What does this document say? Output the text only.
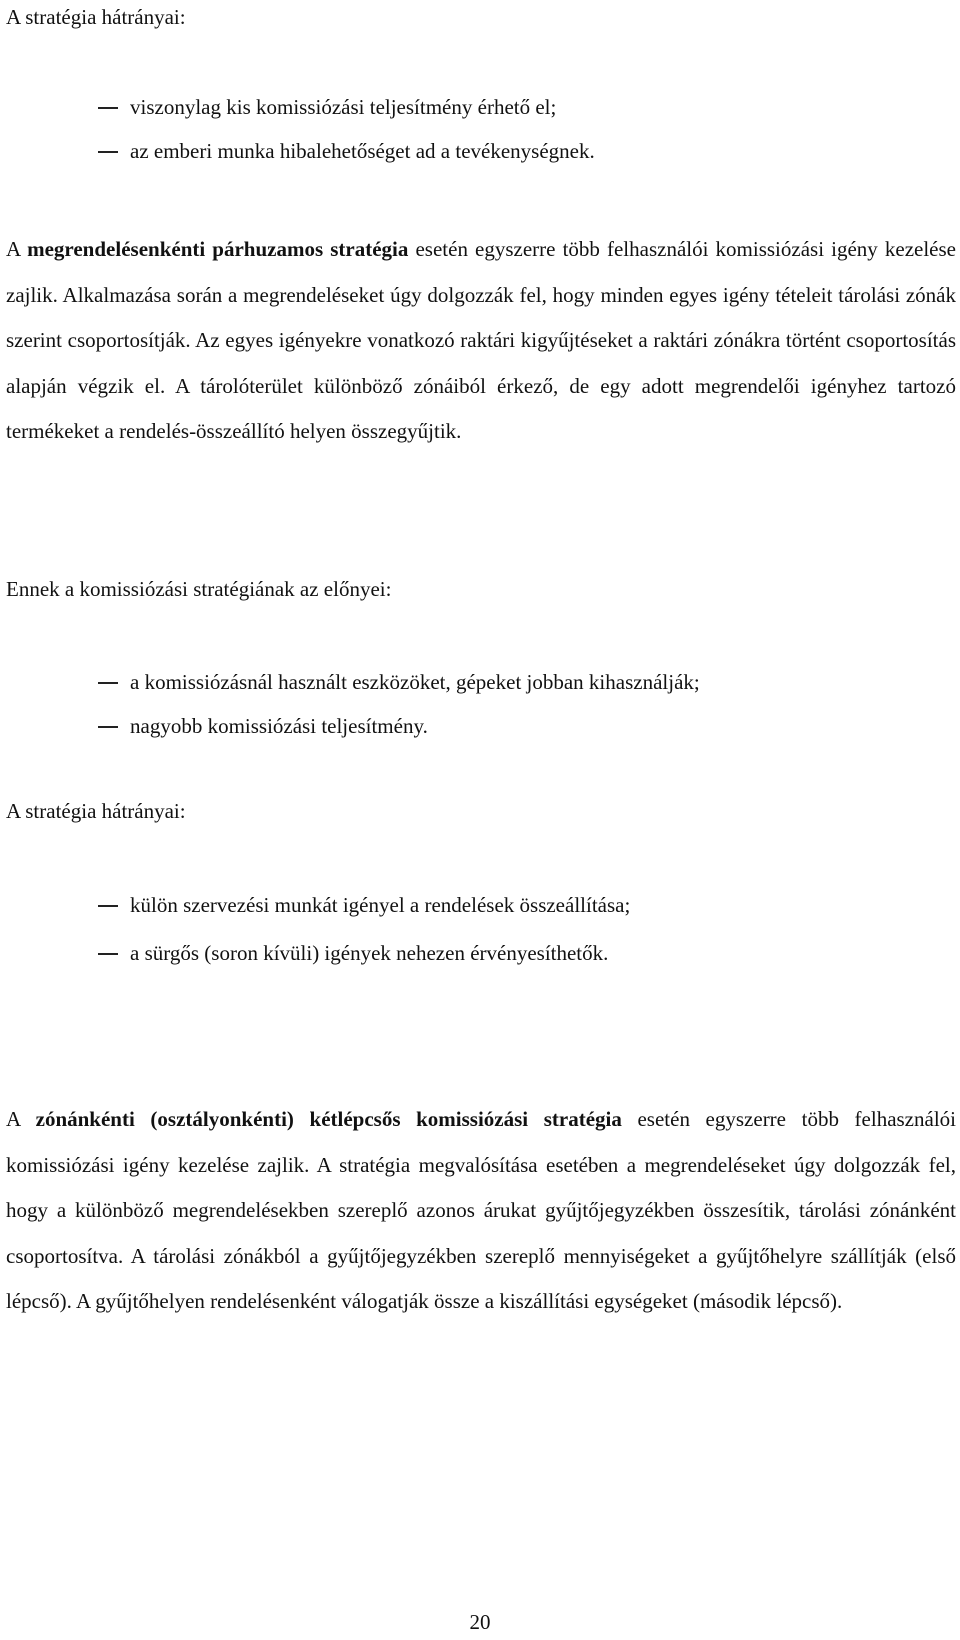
A stratégia hátrányai:
viszonylag kis komissiózási teljesítmény érhető el;
az emberi munka hibalehetőséget ad a tevékenységnek.

A megrendelésenkénti párhuzamos stratégia esetén egyszerre több felhasználói komissiózási igény kezelése zajlik. Alkalmazása során a megrendeléseket úgy dolgozzák fel, hogy minden egyes igény tételeit tárolási zónák szerint csoportosítják. Az egyes igényekre vonatkozó raktári kigyűjtéseket a raktári zónákra történt csoportosítás alapján végzik el. A tárolóterület különböző zónáiból érkező, de egy adott megrendelői igényhez tartozó termékeket a rendelés-összeállító helyen összegyűjtik.

Ennek a komissiózási stratégiának az előnyei:
a komissiózásnál használt eszközöket, gépeket jobban kihasználják;
nagyobb komissiózási teljesítmény.
A stratégia hátrányai:
külön szervezési munkát igényel a rendelések összeállítása;
a sürgős (soron kívüli) igények nehezen érvényesíthetők.

A zónánkénti (osztályonkénti) kétlépcsős komissiózási stratégia esetén egyszerre több felhasználói komissiózási igény kezelése zajlik. A stratégia megvalósítása esetében a megrendeléseket úgy dolgozzák fel, hogy a különböző megrendelésekben szereplő azonos árukat gyűjtőjegyzékben összesítik, tárolási zónánként csoportosítva. A tárolási zónákból a gyűjtőjegyzékben szereplő mennyiségeket a gyűjtőhelyre szállítják (első lépcső). A gyűjtőhelyen rendelésenként válogatják össze a kiszállítási egységeket (második lépcső).

20
